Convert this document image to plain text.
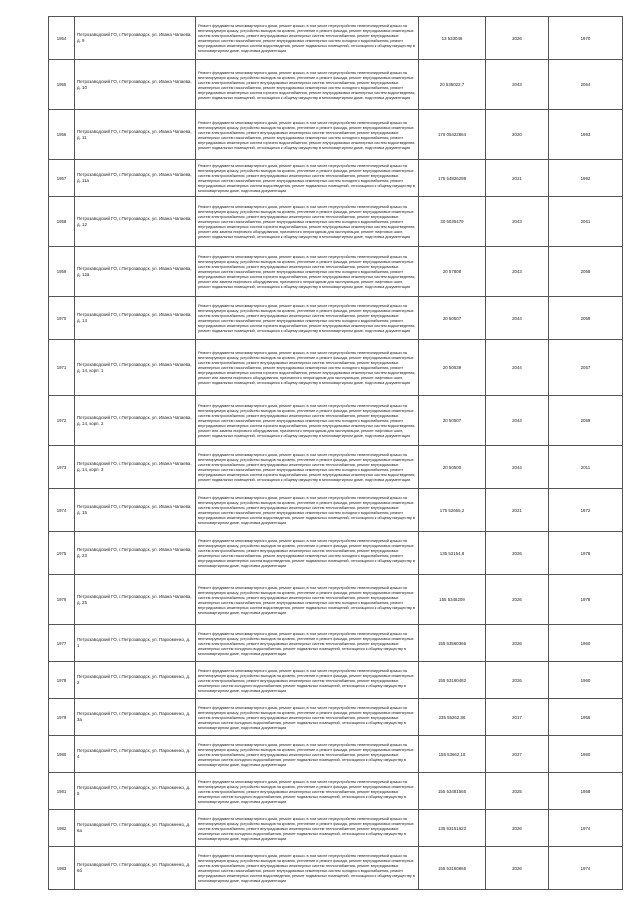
1954	Петрозаводский ГО, г.Петрозаводск, ул. Ивана Чапаева, д. 9	Ремонт фундамента многоквартирного дома, ремонт крыши, в том числе переустройство невентилируемой крыши на вентилируемую крышу, устройство выходов на кровлю, утепление и ремонт фасада, ремонт внутридомовых инженерных систем электроснабжения, ремонт внутридомовых инженерных систем теплоснабжения, ремонт внутридомовых инженерных систем газоснабжения, ремонт внутридомовых инженерных систем холодного водоснабжения, ремонт внутридомовых инженерных систем водоотведения, ремонт подвальных помещений, относящихся к общему имуществу в многоквартирном доме, подготовка документации	13 533046	2026	1970
1955	Петрозаводский ГО, г.Петрозаводск, ул. Ивана Чапаева, д. 10	Ремонт фундамента многоквартирного дома, ремонт крыши, в том числе переустройство невентилируемой крыши на вентилируемую крышу, устройство выходов на кровлю, утепление и ремонт фасада, ремонт внутридомовых инженерных систем электроснабжения, ремонт внутридомовых инженерных систем теплоснабжения, ремонт внутридомовых инженерных систем газоснабжения, ремонт внутридомовых инженерных систем холодного водоснабжения, ремонт внутридомовых инженерных систем горячего водоснабжения, ремонт внутридомовых инженерных систем водоотведения, ремонт подвальных помещений, относящихся к общему имуществу в многоквартирном доме, подготовка документации	20 535022,7	2043	2064
1956	Петрозаводский ГО, г.Петрозаводск, ул. Ивана Чапаева, д. 11	Ремонт фундамента многоквартирного дома, ремонт крыши, в том числе переустройство невентилируемой крыши на вентилируемую крышу, устройство выходов на кровлю, утепление и ремонт фасада, ремонт внутридомовых инженерных систем электроснабжения, ремонт внутридомовых инженерных систем теплоснабжения, ремонт внутридомовых инженерных систем газоснабжения, ремонт внутридомовых инженерных систем холодного водоснабжения, ремонт внутридомовых инженерных систем горячего водоснабжения, ремонт внутридомовых инженерных систем водоотведения, ремонт подвальных помещений, относящихся к общему имуществу в многоквартирном доме, подготовка документации	176 05422864	2020	1993
1957	Петрозаводский ГО, г.Петрозаводск, ул. Ивана Чапаева, д. 11а	Ремонт фундамента многоквартирного дома, ремонт крыши, в том числе переустройство невентилируемой крыши на вентилируемую крышу, устройство выходов на кровлю, утепление и ремонт фасада, ремонт внутридомовых инженерных систем электроснабжения, ремонт внутридомовых инженерных систем теплоснабжения, ремонт внутридомовых инженерных систем газоснабжения, ремонт внутридомовых инженерных систем холодного водоснабжения, ремонт внутридомовых инженерных систем водоотведения, ремонт подвальных помещений, относящихся к общему имуществу в многоквартирном доме, подготовка документации	175 54826298	2021	1992
1958	Петрозаводский ГО, г.Петрозаводск, ул. Ивана Чапаева, д. 12	Ремонт фундамента многоквартирного дома, ремонт крыши, в том числе переустройство невентилируемой крыши на вентилируемую крышу, устройство выходов на кровлю, утепление и ремонт фасада, ремонт внутридомовых инженерных систем электроснабжения, ремонт внутридомовых инженерных систем теплоснабжения, ремонт внутридомовых инженерных систем газоснабжения, ремонт внутридомовых инженерных систем холодного водоснабжения, ремонт внутридомовых инженерных систем горячего водоснабжения, ремонт внутридомовых инженерных систем водоотведения, ремонт или замена лифтового оборудования, признанного непригодным для эксплуатации, ремонт лифтовых шахт, ремонт подвальных помещений, относящихся к общему имуществу в многоквартирном доме, подготовка документации	30 5035479	2043	2061
1959	Петрозаводский ГО, г.Петрозаводск, ул. Ивана Чапаева, д. 12а	Ремонт фундамента многоквартирного дома, ремонт крыши, в том числе переустройство невентилируемой крыши на вентилируемую крышу, устройство выходов на кровлю, утепление и ремонт фасада, ремонт внутридомовых инженерных систем электроснабжения, ремонт внутридомовых инженерных систем теплоснабжения, ремонт внутридомовых инженерных систем газоснабжения, ремонт внутридомовых инженерных систем холодного водоснабжения, ремонт внутридомовых инженерных систем горячего водоснабжения, ремонт внутридомовых инженерных систем водоотведения, ремонт или замена лифтового оборудования, признанного непригодным для эксплуатации, ремонт лифтовых шахт, ремонт подвальных помещений, относящихся к общему имуществу в многоквартирном доме, подготовка документации	20 57808	2043	2058
1970	Петрозаводский ГО, г.Петрозаводск, ул. Ивана Чапаева, д. 14	Ремонт фундамента многоквартирного дома, ремонт крыши, в том числе переустройство невентилируемой крыши на вентилируемую крышу, устройство выходов на кровлю, утепление и ремонт фасада, ремонт внутридомовых инженерных систем электроснабжения, ремонт внутридомовых инженерных систем теплоснабжения, ремонт внутридомовых инженерных систем газоснабжения, ремонт внутридомовых инженерных систем холодного водоснабжения, ремонт внутридомовых инженерных систем горячего водоснабжения, ремонт внутридомовых инженерных систем водоотведения, ремонт подвальных помещений, относящихся к общему имуществу в многоквартирном доме, подготовка документации	20 50507	2044	2059
1971	Петрозаводский ГО, г.Петрозаводск, ул. Ивана Чапаева, д. 14, корп. 1	Ремонт фундамента многоквартирного дома, ремонт крыши, в том числе переустройство невентилируемой крыши на вентилируемую крышу, устройство выходов на кровлю, утепление и ремонт фасада, ремонт внутридомовых инженерных систем электроснабжения, ремонт внутридомовых инженерных систем теплоснабжения, ремонт внутридомовых инженерных систем газоснабжения, ремонт внутридомовых инженерных систем холодного водоснабжения, ремонт внутридомовых инженерных систем горячего водоснабжения, ремонт внутридомовых инженерных систем водоотведения, ремонт или замена лифтового оборудования, признанного непригодным для эксплуатации, ремонт лифтовых шахт, ремонт подвальных помещений, относящихся к общему имуществу в многоквартирном доме, подготовка документации	20 50539	2044	2057
1972	Петрозаводский ГО, г.Петрозаводск, ул. Ивана Чапаева, д. 14, корп. 2	Ремонт фундамента многоквартирного дома, ремонт крыши, в том числе переустройство невентилируемой крыши на вентилируемую крышу, устройство выходов на кровлю, утепление и ремонт фасада, ремонт внутридомовых инженерных систем электроснабжения, ремонт внутридомовых инженерных систем теплоснабжения, ремонт внутридомовых инженерных систем газоснабжения, ремонт внутридомовых инженерных систем холодного водоснабжения, ремонт внутридомовых инженерных систем горячего водоснабжения, ремонт внутридомовых инженерных систем водоотведения, ремонт или замена лифтового оборудования, признанного непригодным для эксплуатации, ремонт лифтовых шахт, ремонт подвальных помещений, относящихся к общему имуществу в многоквартирном доме, подготовка документации	20 50507	2044	2059
1973	Петрозаводский ГО, г.Петрозаводск, ул. Ивана Чапаева, д. 14, корп. 3	Ремонт фундамента многоквартирного дома, ремонт крыши, в том числе переустройство невентилируемой крыши на вентилируемую крышу, устройство выходов на кровлю, утепление и ремонт фасада, ремонт внутридомовых инженерных систем электроснабжения, ремонт внутридомовых инженерных систем теплоснабжения, ремонт внутридомовых инженерных систем газоснабжения, ремонт внутридомовых инженерных систем холодного водоснабжения, ремонт внутридомовых инженерных систем горячего водоснабжения, ремонт внутридомовых инженерных систем водоотведения, ремонт подвальных помещений, относящихся к общему имуществу в многоквартирном доме, подготовка документации	20 50500	2044	2011
1974	Петрозаводский ГО, г.Петрозаводск, ул. Ивана Чапаева, д. 15	Ремонт фундамента многоквартирного дома, ремонт крыши, в том числе переустройство невентилируемой крыши на вентилируемую крышу, устройство выходов на кровлю, утепление и ремонт фасада, ремонт внутридомовых инженерных систем электроснабжения, ремонт внутридомовых инженерных систем теплоснабжения, ремонт внутридомовых инженерных систем газоснабжения, ремонт внутридомовых инженерных систем холодного водоснабжения, ремонт внутридомовых инженерных систем водоотведения, ремонт подвальных помещений, относящихся к общему имуществу в многоквартирном доме, подготовка документации	175 52665,2	2021	1972
1975	Петрозаводский ГО, г.Петрозаводск, ул. Ивана Чапаева, д. 23	Ремонт фундамента многоквартирного дома, ремонт крыши, в том числе переустройство невентилируемой крыши на вентилируемую крышу, устройство выходов на кровлю, утепление и ремонт фасада, ремонт внутридомовых инженерных систем электроснабжения, ремонт внутридомовых инженерных систем теплоснабжения, ремонт внутридомовых инженерных систем газоснабжения, ремонт внутридомовых инженерных систем холодного водоснабжения, ремонт внутридомовых инженерных систем водоотведения, ремонт подвальных помещений, относящихся к общему имуществу в многоквартирном доме, подготовка документации	135 53154,8	2026	1978
1976	Петрозаводский ГО, г.Петрозаводск, ул. Ивана Чапаева, д. 25	Ремонт фундамента многоквартирного дома, ремонт крыши, в том числе переустройство невентилируемой крыши на вентилируемую крышу, устройство выходов на кровлю, утепление и ремонт фасада, ремонт внутридомовых инженерных систем электроснабжения, ремонт внутридомовых инженерных систем теплоснабжения, ремонт внутридомовых инженерных систем газоснабжения, ремонт внутридомовых инженерных систем холодного водоснабжения, ремонт внутридомовых инженерных систем водоотведения, ремонт подвальных помещений, относящихся к общему имуществу в многоквартирном доме, подготовка документации	155 5348209	2026	1978
1977	Петрозаводский ГО, г.Петрозаводск, ул. Пархоменко, д. 1	Ремонт фундамента многоквартирного дома, ремонт крыши, в том числе переустройство невентилируемой крыши на вентилируемую крышу, устройство выходов на кровлю, утепление и ремонт фасада, ремонт внутридомовых инженерных систем электроснабжения, ремонт внутридомовых инженерных систем теплоснабжения, ремонт внутридомовых инженерных систем холодного водоснабжения, ремонт подвальных помещений, относящихся к общему имуществу в многоквартирном доме, подготовка документации	155 53560366	2026	1960
1978	Петрозаводский ГО, г.Петрозаводск, ул. Пархоменко, д. 2	Ремонт фундамента многоквартирного дома, ремонт крыши, в том числе переустройство невентилируемой крыши на вентилируемую крышу, устройство выходов на кровлю, утепление и ремонт фасада, ремонт внутридомовых инженерных систем электроснабжения, ремонт внутридомовых инженерных систем теплоснабжения, ремонт внутридомовых инженерных систем холодного водоснабжения, ремонт подвальных помещений, относящихся к общему имуществу в многоквартирном доме, подготовка документации	155 53160482	2026	1960
1979	Петрозаводский ГО, г.Петрозаводск, ул. Пархоменко, д. 3а	Ремонт фундамента многоквартирного дома, ремонт крыши, в том числе переустройство невентилируемой крыши на вентилируемую крышу, устройство выходов на кровлю, утепление и ремонт фасада, ремонт внутридомовых инженерных систем электроснабжения, ремонт внутридомовых инженерных систем теплоснабжения, ремонт внутридомовых инженерных систем холодного водоснабжения, ремонт подвальных помещений, относящихся к общему имуществу в многоквартирном доме, подготовка документации	235 55262,86	2017	1956
1980	Петрозаводский ГО, г.Петрозаводск, ул. Пархоменко, д. 4	Ремонт фундамента многоквартирного дома, ремонт крыши, в том числе переустройство невентилируемой крыши на вентилируемую крышу, устройство выходов на кровлю, утепление и ремонт фасада, ремонт внутридомовых инженерных систем электроснабжения, ремонт внутридомовых инженерных систем теплоснабжения, ремонт внутридомовых инженерных систем холодного водоснабжения, ремонт подвальных помещений, относящихся к общему имуществу в многоквартирном доме, подготовка документации	155 53662,18	2027	1960
1981	Петрозаводский ГО, г.Петрозаводск, ул. Пархоменко, д. 5	Ремонт фундамента многоквартирного дома, ремонт крыши, в том числе переустройство невентилируемой крыши на вентилируемую крышу, устройство выходов на кровлю, утепление и ремонт фасада, ремонт внутридомовых инженерных систем электроснабжения, ремонт внутридомовых инженерных систем теплоснабжения, ремонт внутридомовых инженерных систем холодного водоснабжения, ремонт подвальных помещений, относящихся к общему имуществу в многоквартирном доме, подготовка документации	155 53481565	2025	1958
1982	Петрозаводский ГО, г.Петрозаводск, ул. Пархоменко, д. 6а	Ремонт фундамента многоквартирного дома, ремонт крыши, в том числе переустройство невентилируемой крыши на вентилируемую крышу, устройство выходов на кровлю, утепление и ремонт фасада, ремонт внутридомовых инженерных систем электроснабжения, ремонт внутридомовых инженерных систем теплоснабжения, ремонт внутридомовых инженерных систем холодного водоснабжения, ремонт подвальных помещений, относящихся к общему имуществу в многоквартирном доме, подготовка документации	135 53151623	2026	1974
1983	Петрозаводский ГО, г.Петрозаводск, ул. Пархоменко, д. 6б	Ремонт фундамента многоквартирного дома, ремонт крыши, в том числе переустройство невентилируемой крыши на вентилируемую крышу, устройство выходов на кровлю, утепление и ремонт фасада, ремонт внутридомовых инженерных систем электроснабжения, ремонт внутридомовых инженерных систем теплоснабжения, ремонт внутридомовых инженерных систем газоснабжения, ремонт внутридомовых инженерных систем холодного водоснабжения, ремонт внутридомовых инженерных систем водоотведения, ремонт подвальных помещений, относящихся к общему имуществу в многоквартирном доме, подготовка документации	155 53160865	2026	1974
